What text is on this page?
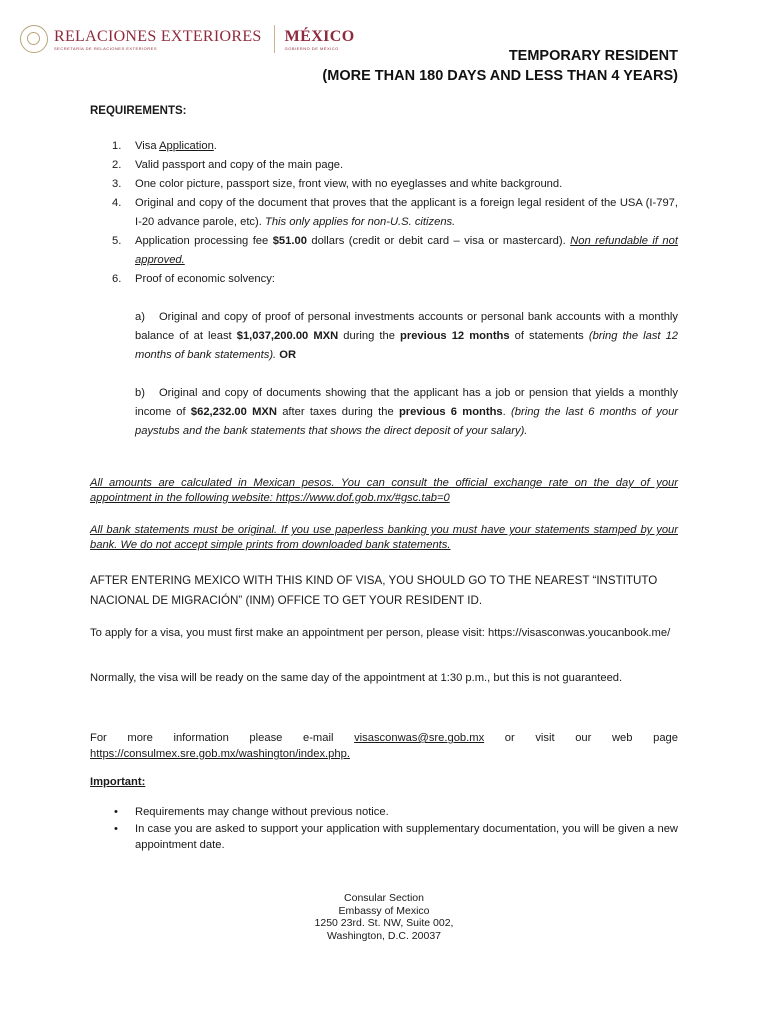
RELACIONES EXTERIORES
SECRETARÍA DE RELACIONES EXTERIORES
MÉXICO
GOBIERNO DE MÉXICO	TEMPORARY RESIDENT
(MORE THAN 180 DAYS AND LESS THAN 4 YEARS)
REQUIREMENTS:
1.	Visa Application.
2.	Valid passport and copy of the main page.
3.	One color picture, passport size, front view, with no eyeglasses and white background.
4.	Original and copy of the document that proves that the applicant is a foreign legal resident of the USA (I-797, I-20 advance parole, etc). This only applies for non-U.S. citizens.
5.	Application processing fee $51.00 dollars (credit or debit card – visa or mastercard). Non refundable if not approved.
6.	Proof of economic solvency:
a) Original and copy of proof of personal investments accounts or personal bank accounts with a monthly balance of at least $1,037,200.00 MXN during the previous 12 months of statements (bring the last 12 months of bank statements). OR
b) Original and copy of documents showing that the applicant has a job or pension that yields a monthly income of $62,232.00 MXN after taxes during the previous 6 months. (bring the last 6 months of your paystubs and the bank statements that shows the direct deposit of your salary).
All amounts are calculated in Mexican pesos. You can consult the official exchange rate on the day of your appointment in the following website: https://www.dof.gob.mx/#gsc.tab=0
All bank statements must be original. If you use paperless banking you must have your statements stamped by your bank. We do not accept simple prints from downloaded bank statements.
AFTER ENTERING MEXICO WITH THIS KIND OF VISA, YOU SHOULD GO TO THE NEAREST “INSTITUTO NACIONAL DE MIGRACIÓN” (INM) OFFICE TO GET YOUR RESIDENT ID.
To apply for a visa, you must first make an appointment per person, please visit: https://visasconwas.youcanbook.me/
Normally, the visa will be ready on the same day of the appointment at 1:30 p.m., but this is not guaranteed.
For more information please e-mail visasconwas@sre.gob.mx or visit our web page https://consulmex.sre.gob.mx/washington/index.php.
Important:
•	Requirements may change without previous notice.
•	In case you are asked to support your application with supplementary documentation, you will be given a new appointment date.
Consular Section
Embassy of Mexico
1250 23rd. St. NW, Suite 002,
Washington, D.C. 20037
